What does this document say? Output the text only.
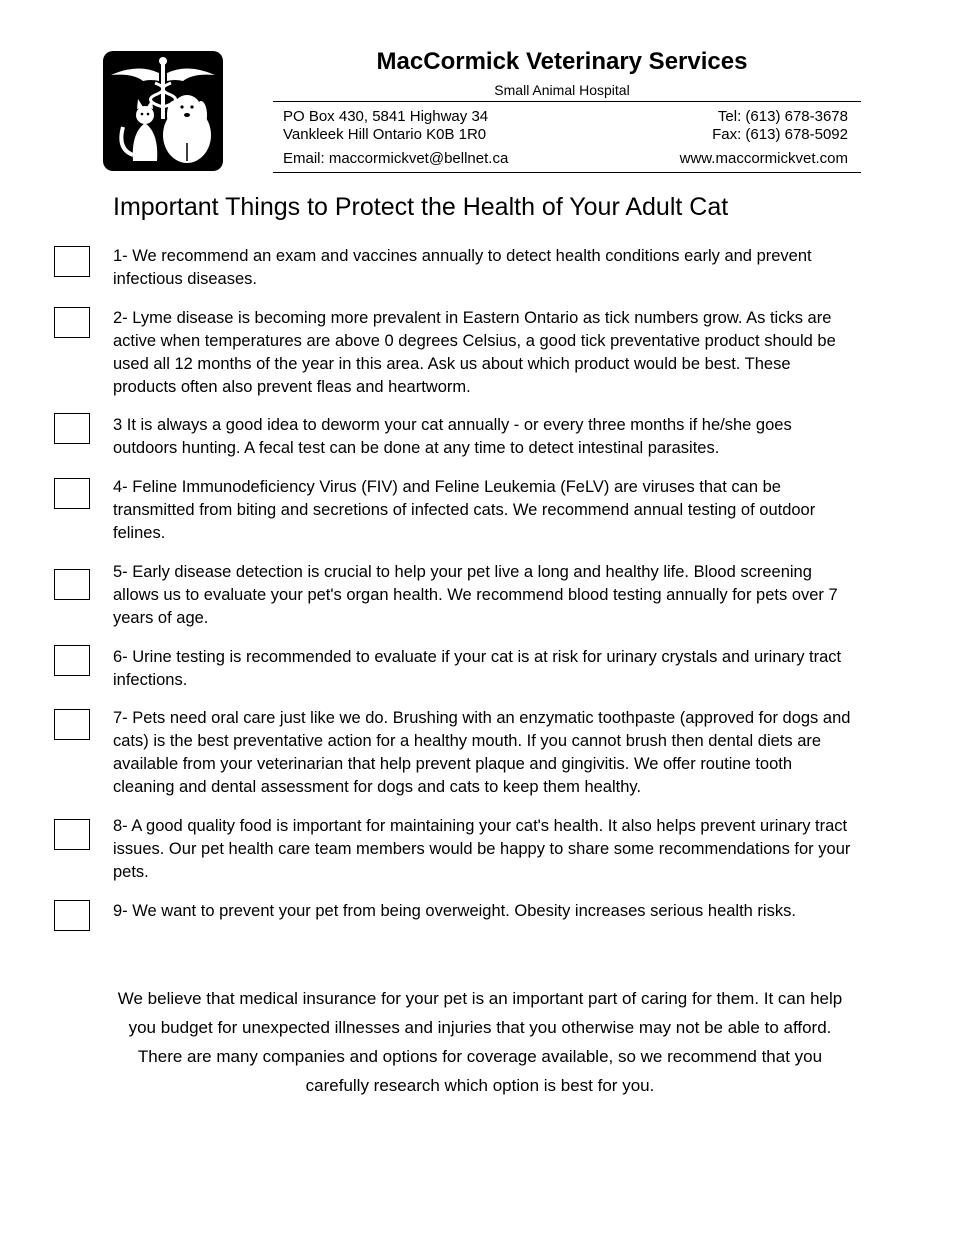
MacCormick Veterinary Services
Small Animal Hospital
PO Box 430, 5841 Highway 34
Vankleek Hill Ontario K0B 1R0
Tel: (613) 678-3678
Fax: (613) 678-5092
Email: maccormickvet@bellnet.ca	www.maccormickvet.com
Important Things to Protect the Health of Your Adult Cat
1- We recommend an exam and vaccines annually to detect health conditions early and prevent infectious diseases.
2- Lyme disease is becoming more prevalent in Eastern Ontario as tick numbers grow. As ticks are active when temperatures are above 0 degrees Celsius, a good tick preventative product should be used all 12 months of the year in this area. Ask us about which product would be best. These products often also prevent fleas and heartworm.
3 It is always a good idea to deworm your cat annually - or every three months if he/she goes outdoors hunting. A fecal test can be done at any time to detect intestinal parasites.
4- Feline Immunodeficiency Virus (FIV) and Feline Leukemia (FeLV) are viruses that can be transmitted from biting and secretions of infected cats. We recommend annual testing of outdoor felines.
5- Early disease detection is crucial to help your pet live a long and healthy life. Blood screening allows us to evaluate your pet's organ health. We recommend blood testing annually for pets over 7 years of age.
6- Urine testing is recommended to evaluate if your cat is at risk for urinary crystals and urinary tract infections.
7- Pets need oral care just like we do. Brushing with an enzymatic toothpaste (approved for dogs and cats) is the best preventative action for a healthy mouth. If you cannot brush then dental diets are available from your veterinarian that help prevent plaque and gingivitis. We offer routine tooth cleaning and dental assessment for dogs and cats to keep them healthy.
8- A good quality food is important for maintaining your cat's health. It also helps prevent urinary tract issues. Our pet health care team members would be happy to share some recommendations for your pets.
9- We want to prevent your pet from being overweight. Obesity increases serious health risks.
We believe that medical insurance for your pet is an important part of caring for them. It can help you budget for unexpected illnesses and injuries that you otherwise may not be able to afford. There are many companies and options for coverage available, so we recommend that you carefully research which option is best for you.
